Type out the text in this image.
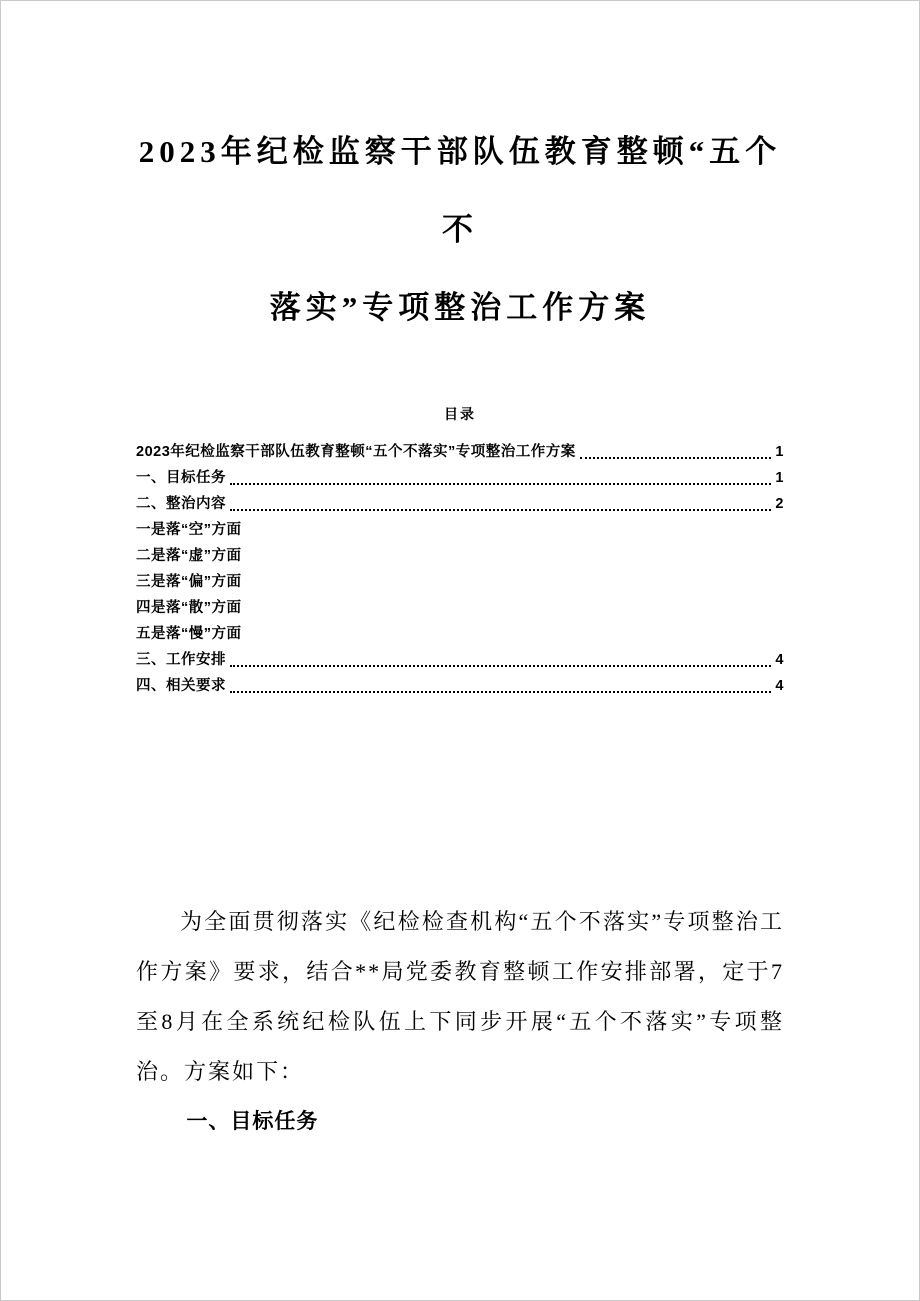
2023年纪检监察干部队伍教育整顿“五个
不
落实”专项整治工作方案
目录
2023年纪检监察干部队伍教育整顿“五个不落实”专项整治工作方案	1
一、目标任务	1
二、整治内容	2
一是落“空”方面
二是落“虚”方面
三是落“偏”方面
四是落“散”方面
五是落“慢”方面
三、工作安排	4
四、相关要求	4

为全面贯彻落实《纪检检查机构“五个不落实”专项整治工作方案》要求，结合**局党委教育整顿工作安排部署，定于7至8月在全系统纪检队伍上下同步开展“五个不落实”专项整治。方案如下：

一、目标任务
